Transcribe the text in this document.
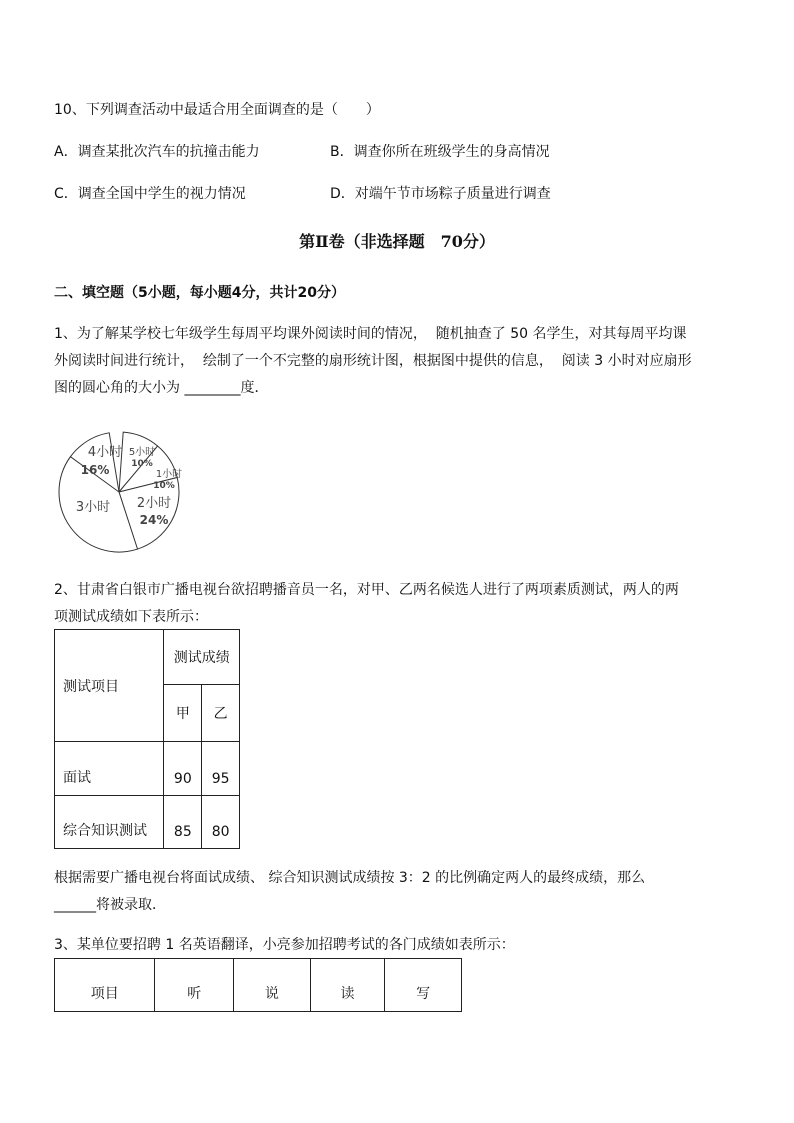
10、下列调查活动中最适合用全面调查的是（　　）
A．调查某批次汽车的抗撞击能力	B．调查你所在班级学生的身高情况
C．调查全国中学生的视力情况	D．对端午节市场粽子质量进行调查
第Ⅱ卷（非选择题　70分）
二、填空题（5小题，每小题4分，共计20分）
1、为了解某学校七年级学生每周平均课外阅读时间的情况，  随机抽查了 50 名学生，对其每周平均课
外阅读时间进行统计，  绘制了一个不完整的扇形统计图，根据图中提供的信息，  阅读 3 小时对应扇形
图的圆心角的大小为 ________度．
4小时
16%
5小时
10%
1小时
10%
2小时
24%
3小时
2、甘肃省白银市广播电视台欲招聘播音员一名，对甲、乙两名候选人进行了两项素质测试，两人的两
项测试成绩如下表所示：
测试项目	测试成绩	
	甲	乙
面试	90	95
综合知识测试	85	80
根据需要广播电视台将面试成绩、 综合知识测试成绩按 3：2 的比例确定两人的最终成绩，那么
______将被录取．
3、某单位要招聘 1 名英语翻译，小亮参加招聘考试的各门成绩如表所示：
项目	听	说	读	写
